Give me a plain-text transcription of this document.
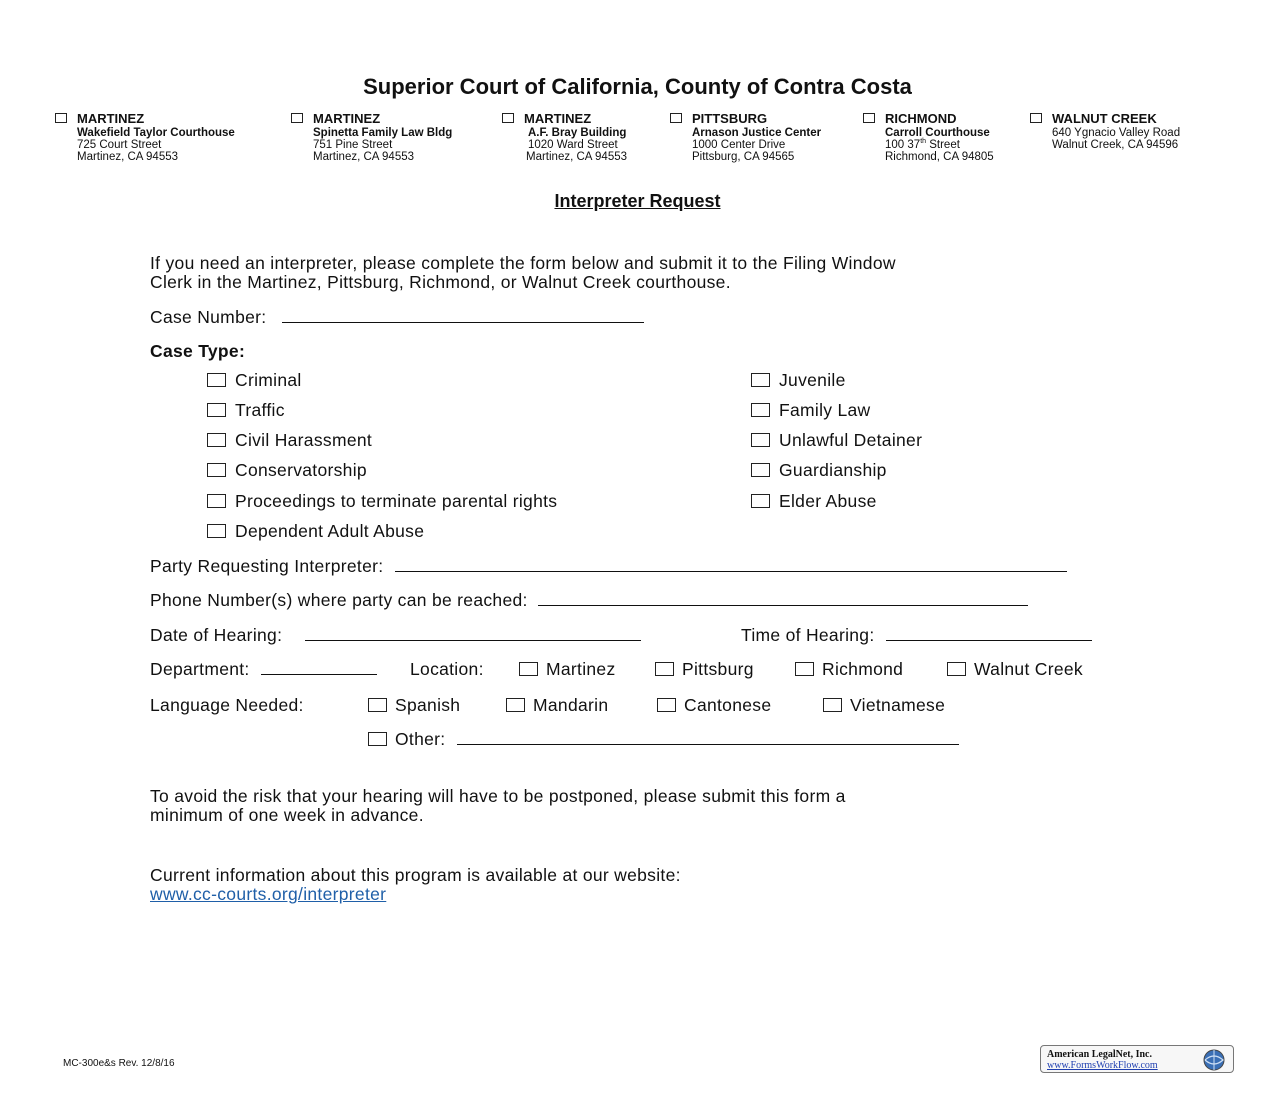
Superior Court of California, County of Contra Costa
MARTINEZ
Wakefield Taylor Courthouse
725 Court Street
Martinez, CA 94553
MARTINEZ
Spinetta Family Law Bldg
751 Pine Street
Martinez, CA 94553
MARTINEZ
A.F. Bray Building
1020 Ward Street
Martinez, CA 94553
PITTSBURG
Arnason Justice Center
1000 Center Drive
Pittsburg, CA 94565
RICHMOND
Carroll Courthouse
100 37th Street
Richmond, CA 94805
WALNUT CREEK
640 Ygnacio Valley Road
Walnut Creek, CA 94596
Interpreter Request
If you need an interpreter, please complete the form below and submit it to the Filing Window
Clerk in the Martinez, Pittsburg, Richmond, or Walnut Creek courthouse.
Case Number:
Case Type:
Criminal
Traffic
Civil Harassment
Conservatorship
Proceedings to terminate parental rights
Dependent Adult Abuse
Juvenile
Family Law
Unlawful Detainer
Guardianship
Elder Abuse
Party Requesting Interpreter:
Phone Number(s) where party can be reached:
Date of Hearing:	Time of Hearing:
Department:	Location:	Martinez	Pittsburg	Richmond	Walnut Creek
Language Needed:	Spanish	Mandarin	Cantonese	Vietnamese
Other:
To avoid the risk that your hearing will have to be postponed, please submit this form a
minimum of one week in advance.
Current information about this program is available at our website:
www.cc-courts.org/interpreter
MC-300e&s Rev. 12/8/16
American LegalNet, Inc.
www.FormsWorkFlow.com
